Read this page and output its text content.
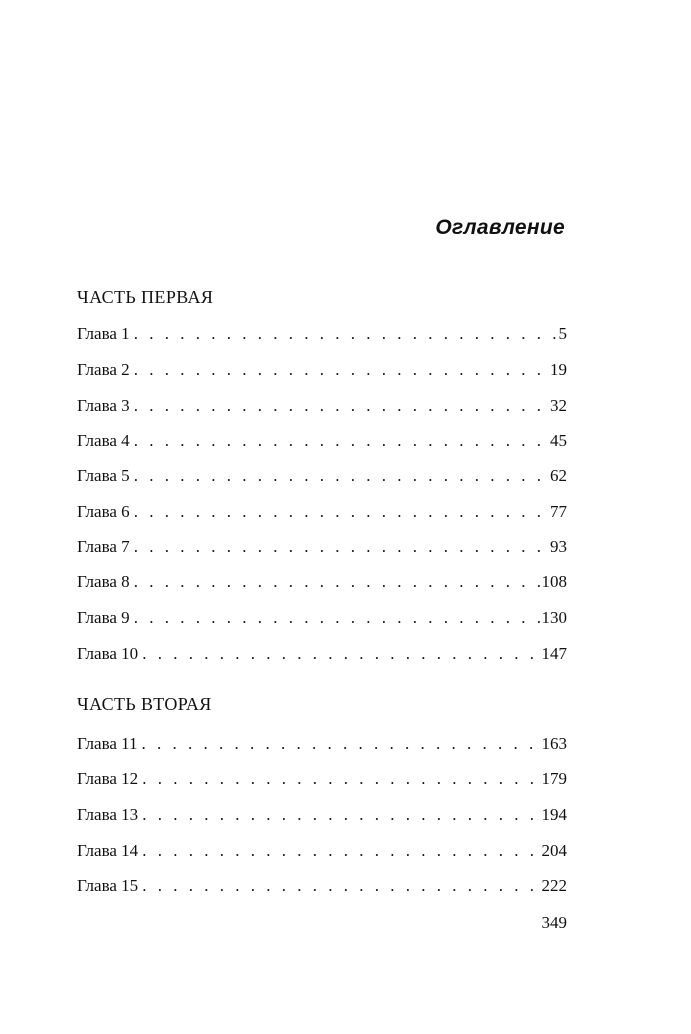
Оглавление
ЧАСТЬ ПЕРВАЯ
Глава 1 . . .	5
Глава 2 . . .	19
Глава 3 . . .	32
Глава 4 . . .	45
Глава 5 . . .	62
Глава 6 . . .	77
Глава 7 . . .	93
Глава 8 . . .	108
Глава 9 . . .	130
Глава 10 . . .	147
ЧАСТЬ ВТОРАЯ
Глава 11 . . .	163
Глава 12 . . .	179
Глава 13 . . .	194
Глава 14 . . .	204
Глава 15 . . .	222
349
